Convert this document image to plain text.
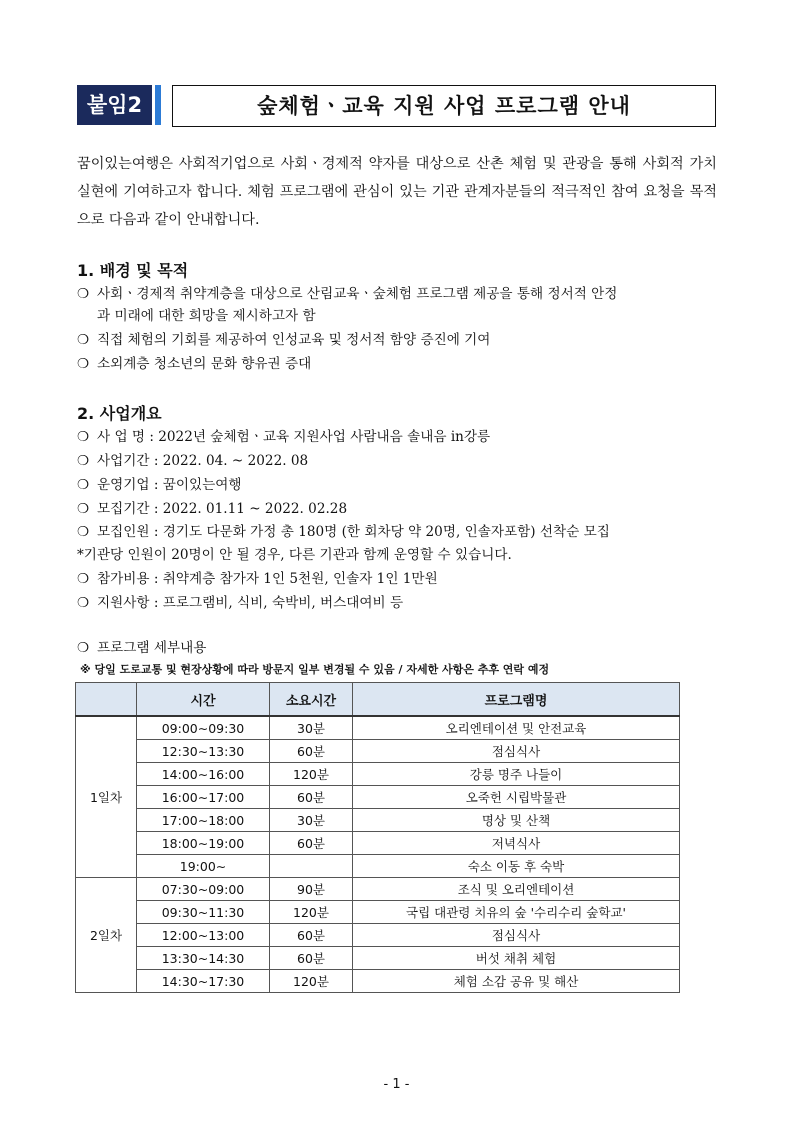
붙임2	숲체험ㆍ교육 지원 사업 프로그램 안내
꿈이있는여행은 사회적기업으로 사회ㆍ경제적 약자를 대상으로 산촌 체험 및 관광을 통해 사회적 가치 실현에 기여하고자 합니다. 체험 프로그램에 관심이 있는 기관 관계자분들의 적극적인 참여 요청을 목적으로 다음과 같이 안내합니다.
1. 배경 및 목적
❍ 사회ㆍ경제적 취약계층을 대상으로 산림교육ㆍ숲체험 프로그램 제공을 통해 정서적 안정
과 미래에 대한 희망을 제시하고자 함
❍ 직접 체험의 기회를 제공하여 인성교육 및 정서적 함양 증진에 기여
❍ 소외계층 청소년의 문화 향유권 증대
2. 사업개요
❍ 사 업 명 : 2022년 숲체험ㆍ교육 지원사업 사람내음 솔내음 in강릉
❍ 사업기간 : 2022. 04. ~ 2022. 08
❍ 운영기업 : 꿈이있는여행
❍ 모집기간 : 2022. 01.11 ~ 2022. 02.28
❍ 모집인원 : 경기도 다문화 가정 총 180명 (한 회차당 약 20명, 인솔자포함) 선착순 모집
*기관당 인원이 20명이 안 될 경우, 다른 기관과 함께 운영할 수 있습니다.
❍ 참가비용 : 취약계층 참가자 1인 5천원, 인솔자 1인 1만원
❍ 지원사항 : 프로그램비, 식비, 숙박비, 버스대여비 등
❍ 프로그램 세부내용
※ 당일 도로교통 및 현장상황에 따라 방문지 일부 변경될 수 있음 / 자세한 사항은 추후 연락 예정
	시간	소요시간	프로그램명
1일차	09:00∼09:30	30분	오리엔테이션 및 안전교육
	12:30∼13:30	60분	점심식사
	14:00∼16:00	120분	강릉 명주 나들이
	16:00∼17:00	60분	오죽헌 시립박물관
	17:00∼18:00	30분	명상 및 산책
	18:00∼19:00	60분	저녁식사
	19:00∼		숙소 이동 후 숙박
2일차	07:30~09:00	90분	조식 및 오리엔테이션
	09:30~11:30	120분	국립 대관령 치유의 숲 '수리수리 숲학교'
	12:00~13:00	60분	점심식사
	13:30~14:30	60분	버섯 채취 체험
	14:30~17:30	120분	체험 소감 공유 및 해산
- 1 -
